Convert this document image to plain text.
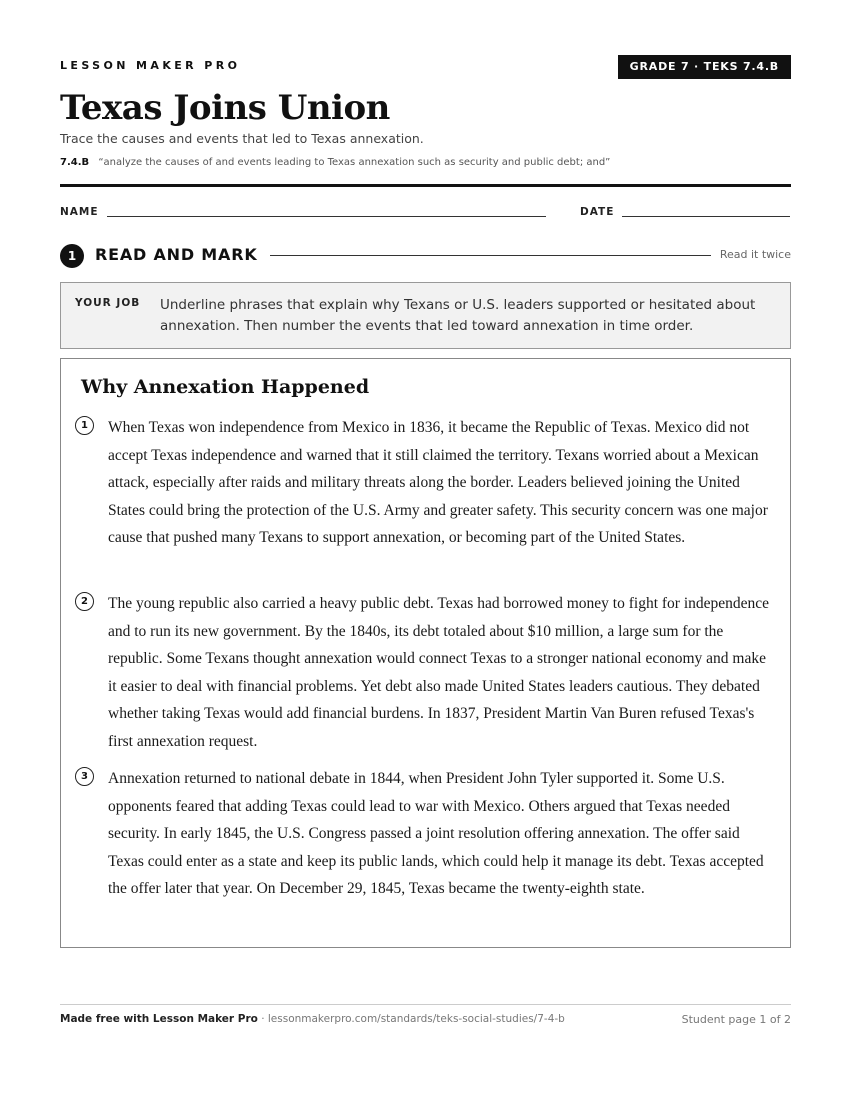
LESSON MAKER PRO	GRADE 7 · TEKS 7.4.B
Texas Joins Union
Trace the causes and events that led to Texas annexation.
7.4.B “analyze the causes of and events leading to Texas annexation such as security and public debt; and”
NAME	DATE
1	READ AND MARK	Read it twice
YOUR JOB Underline phrases that explain why Texans or U.S. leaders supported or hesitated about annexation. Then number the events that led toward annexation in time order.
Why Annexation Happened
1	When Texas won independence from Mexico in 1836, it became the Republic of Texas. Mexico did not accept Texas independence and warned that it still claimed the territory. Texans worried about a Mexican attack, especially after raids and military threats along the border. Leaders believed joining the United States could bring the protection of the U.S. Army and greater safety. This security concern was one major cause that pushed many Texans to support annexation, or becoming part of the United States.

2	The young republic also carried a heavy public debt. Texas had borrowed money to fight for independence and to run its new government. By the 1840s, its debt totaled about $10 million, a large sum for the republic. Some Texans thought annexation would connect Texas to a stronger national economy and make it easier to deal with financial problems. Yet debt also made United States leaders cautious. They debated whether taking Texas would add financial burdens. In 1837, President Martin Van Buren refused Texas's first annexation request.

3	Annexation returned to national debate in 1844, when President John Tyler supported it. Some U.S. opponents feared that adding Texas could lead to war with Mexico. Others argued that Texas needed security. In early 1845, the U.S. Congress passed a joint resolution offering annexation. The offer said Texas could enter as a state and keep its public lands, which could help it manage its debt. Texas accepted the offer later that year. On December 29, 1845, Texas became the twenty-eighth state.

Made free with Lesson Maker Pro · lessonmakerpro.com/standards/teks-social-studies/7-4-b	Student page 1 of 2
